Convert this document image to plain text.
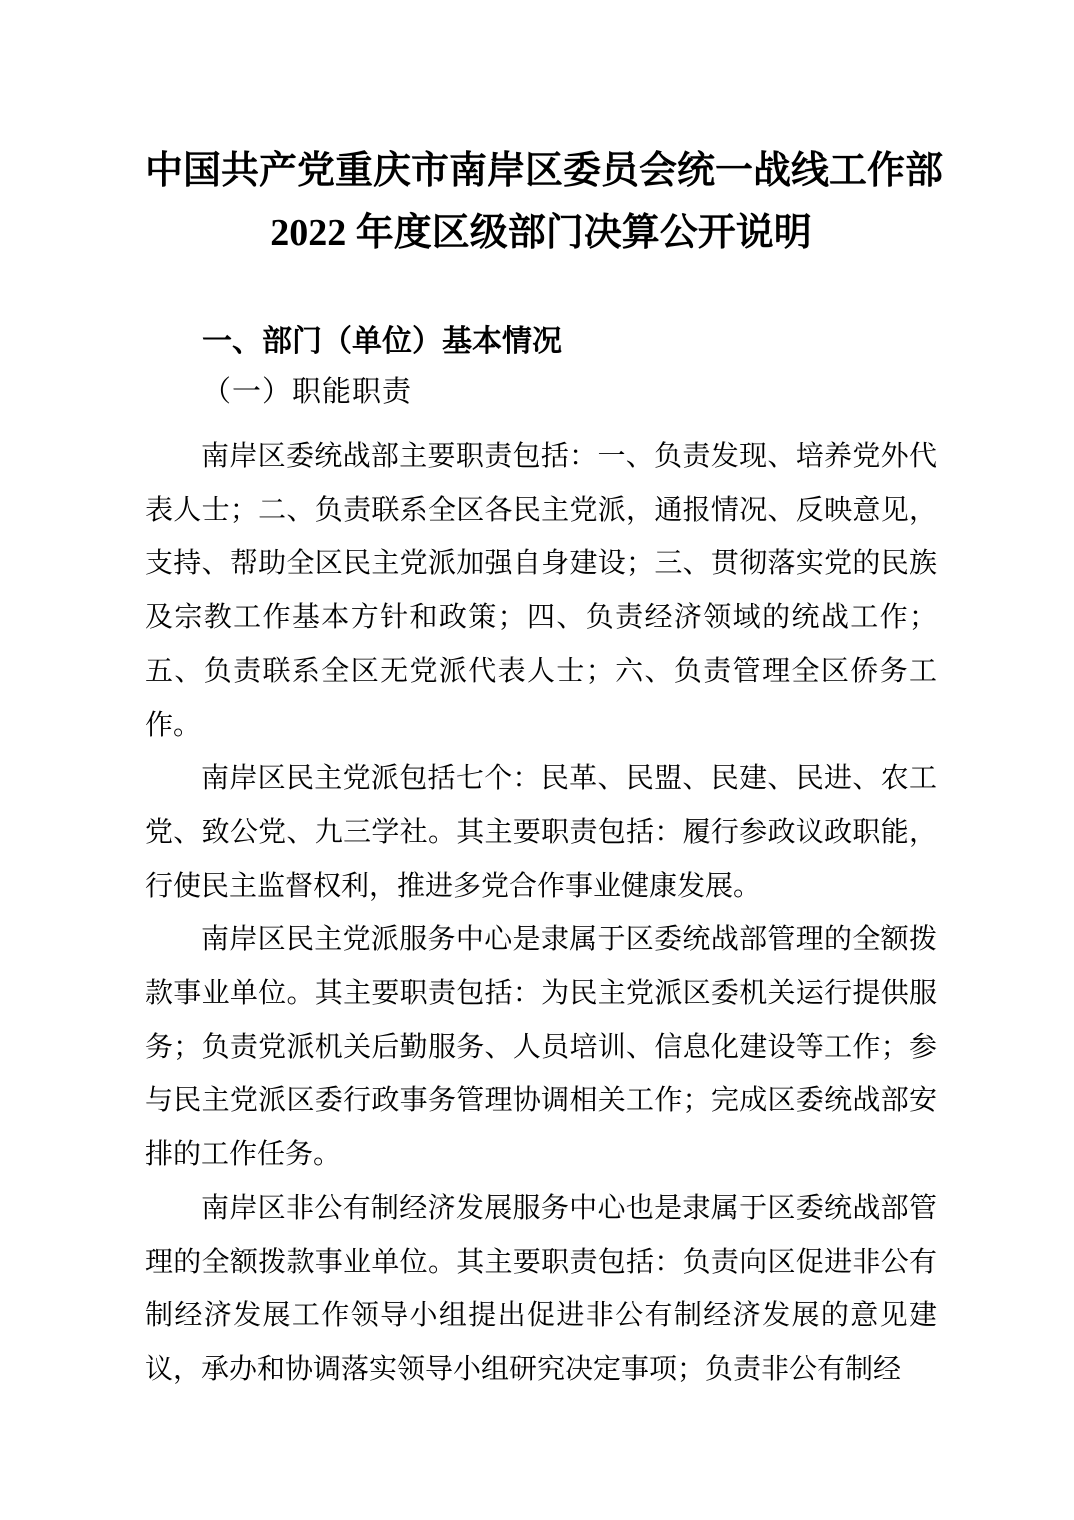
中国共产党重庆市南岸区委员会统一战线工作部
2022 年度区级部门决算公开说明
一、部门（单位）基本情况
（一）职能职责

南岸区委统战部主要职责包括：一、负责发现、培养党外代表人士；二、负责联系全区各民主党派，通报情况、反映意见，支持、帮助全区民主党派加强自身建设；三、贯彻落实党的民族及宗教工作基本方针和政策；四、负责经济领域的统战工作；五、负责联系全区无党派代表人士；六、负责管理全区侨务工作。

南岸区民主党派包括七个：民革、民盟、民建、民进、农工党、致公党、九三学社。其主要职责包括：履行参政议政职能，行使民主监督权利，推进多党合作事业健康发展。

南岸区民主党派服务中心是隶属于区委统战部管理的全额拨款事业单位。其主要职责包括：为民主党派区委机关运行提供服务；负责党派机关后勤服务、人员培训、信息化建设等工作；参与民主党派区委行政事务管理协调相关工作；完成区委统战部安排的工作任务。

南岸区非公有制经济发展服务中心也是隶属于区委统战部管理的全额拨款事业单位。其主要职责包括：负责向区促进非公有制经济发展工作领导小组提出促进非公有制经济发展的意见建议，承办和协调落实领导小组研究决定事项；负责非公有制经
